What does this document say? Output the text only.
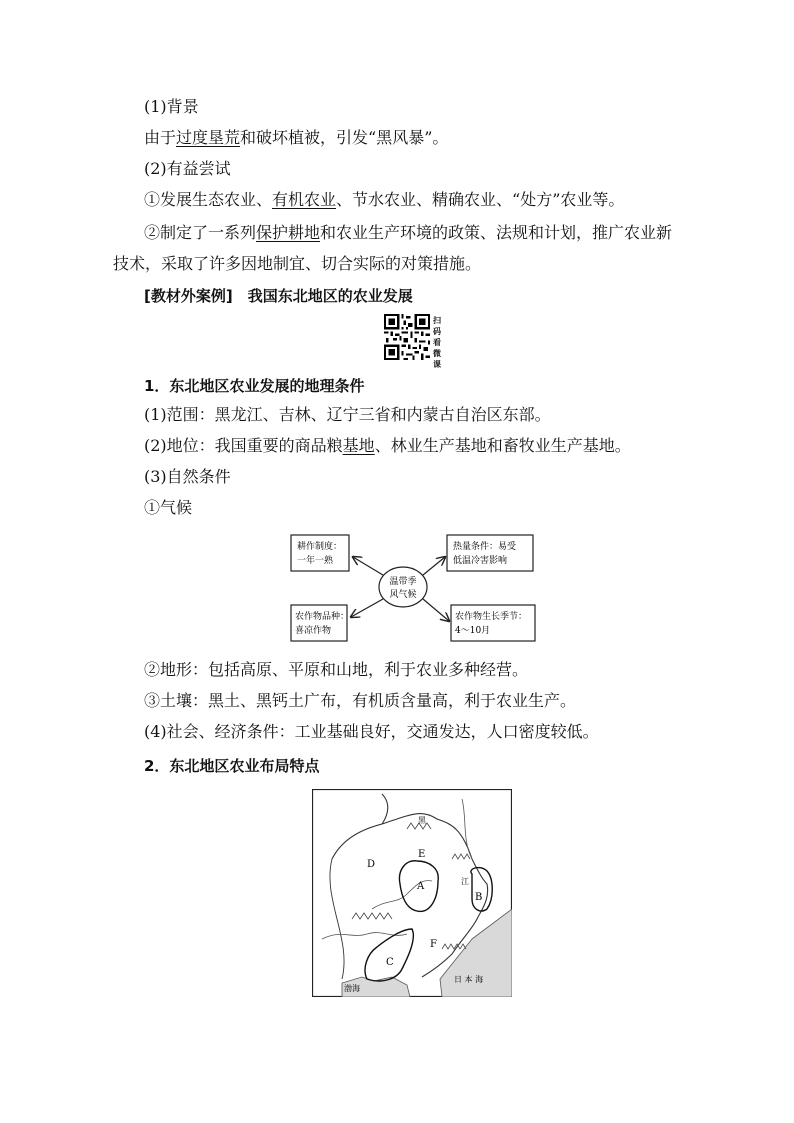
(1)背景
由于过度垦荒和破坏植被，引发“黑风暴”。
(2)有益尝试
①发展生态农业、有机农业、节水农业、精确农业、“处方”农业等。
②制定了一系列保护耕地和农业生产环境的政策、法规和计划，推广农业新
技术，采取了许多因地制宜、切合实际的对策措施。
[教材外案例]　我国东北地区的农业发展
扫码看微课
1．东北地区农业发展的地理条件
(1)范围：黑龙江、吉林、辽宁三省和内蒙古自治区东部。
(2)地位：我国重要的商品粮基地、林业生产基地和畜牧业生产基地。
(3)自然条件
①气候
耕作制度：
一年一熟
热量条件：易受
低温冷害影响
温带季
风气候
农作物品种：
喜凉作物
农作物生长季节：
4～10月
②地形：包括高原、平原和山地，利于农业多种经营。
③土壤：黑土、黑钙土广布，有机质含量高，利于农业生产。
(4)社会、经济条件：工业基础良好，交通发达，人口密度较低。
2．东北地区农业布局特点
A
B
C
D
E
F
黑
江
渤海
日 本 海
